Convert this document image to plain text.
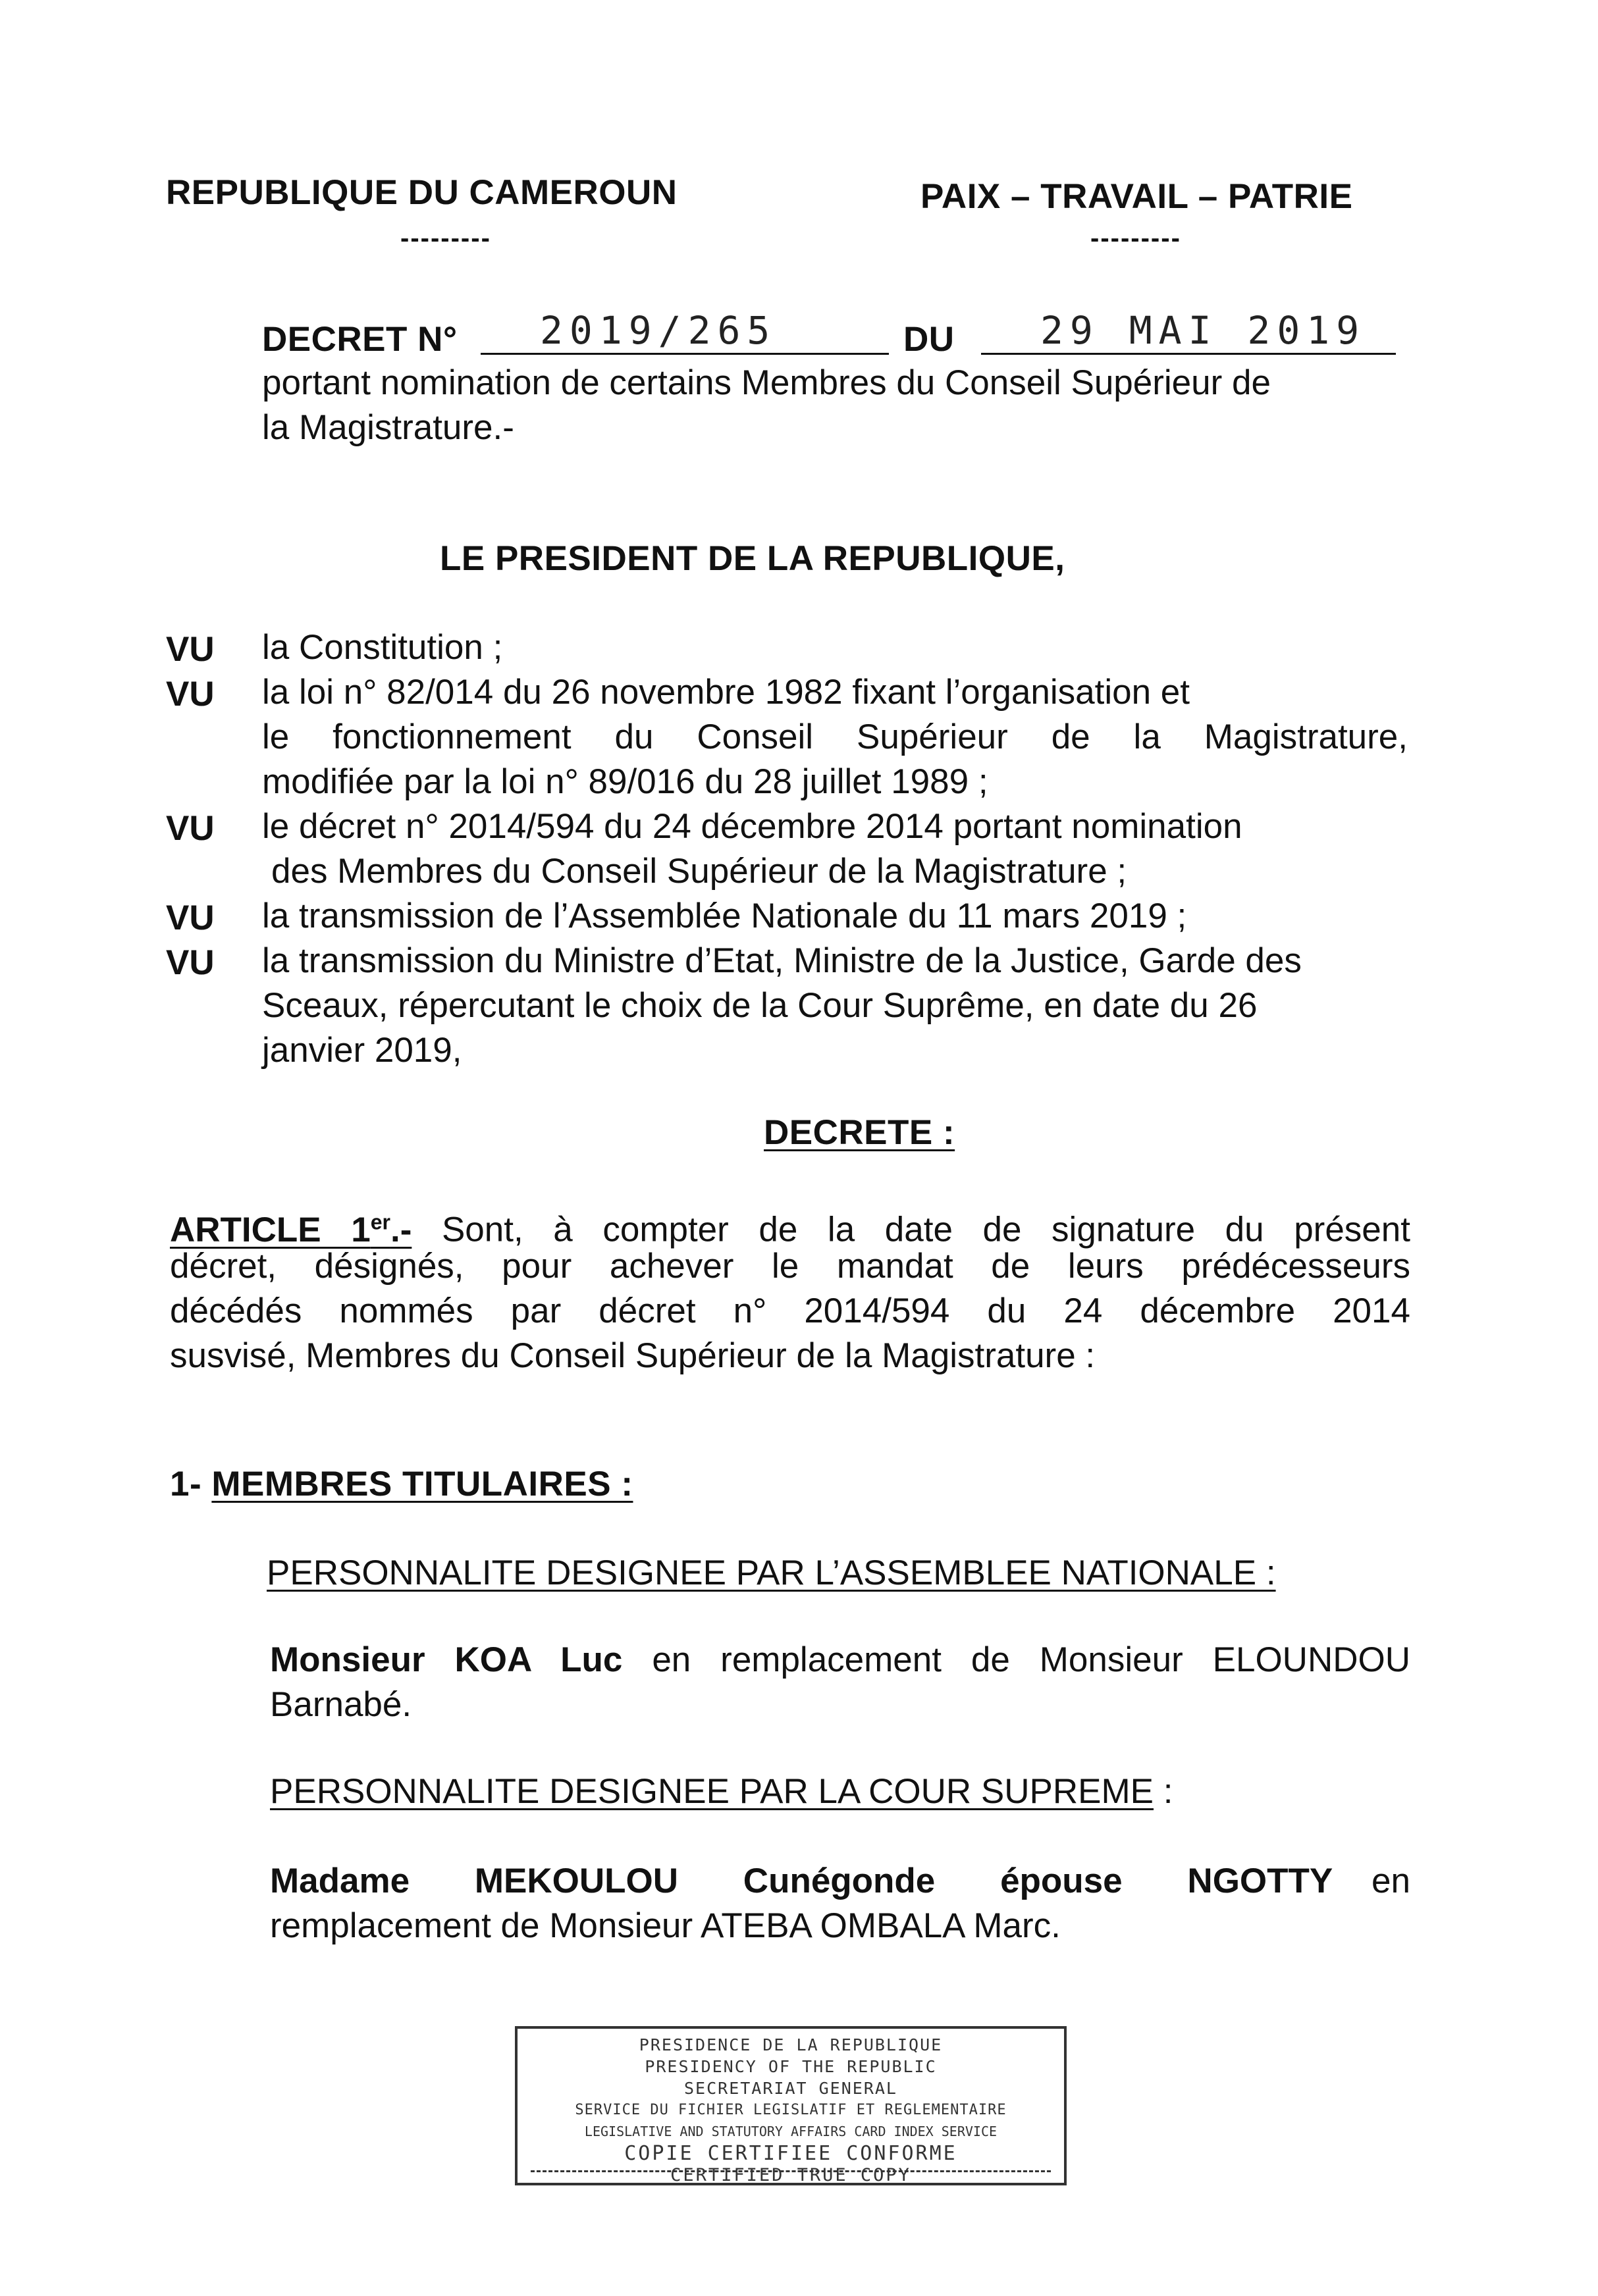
REPUBLIQUE DU CAMEROUN	PAIX – TRAVAIL – PATRIE
---------	---------
DECRET N° 2019/265	DU 29 MAI 2019
portant nomination de certains Membres du Conseil Supérieur de
la Magistrature.-
LE PRESIDENT DE LA REPUBLIQUE,
VU la Constitution ;
VU la loi n° 82/014 du 26 novembre 1982 fixant l’organisation et
le fonctionnement du Conseil Supérieur de la Magistrature,
modifiée par la loi n° 89/016 du 28 juillet 1989 ;
VU le décret n° 2014/594 du 24 décembre 2014 portant nomination
des Membres du Conseil Supérieur de la Magistrature ;
VU la transmission de l’Assemblée Nationale du 11 mars 2019 ;
VU la transmission du Ministre d’Etat, Ministre de la Justice, Garde des
Sceaux, répercutant le choix de la Cour Suprême, en date du 26
janvier 2019,
DECRETE :
ARTICLE 1er.- Sont, à compter de la date de signature du présent
décret, désignés, pour achever le mandat de leurs prédécesseurs
décédés nommés par décret n° 2014/594 du 24 décembre 2014
susvisé, Membres du Conseil Supérieur de la Magistrature :
1- MEMBRES TITULAIRES :
PERSONNALITE DESIGNEE PAR L’ASSEMBLEE NATIONALE :
Monsieur KOA Luc en remplacement de Monsieur ELOUNDOU
Barnabé.
PERSONNALITE DESIGNEE PAR LA COUR SUPREME :
Madame MEKOULOU Cunégonde épouse NGOTTY en
remplacement de Monsieur ATEBA OMBALA Marc.
PRESIDENCE DE LA REPUBLIQUE
PRESIDENCY OF THE REPUBLIC
SECRETARIAT GENERAL
SERVICE DU FICHIER LEGISLATIF ET REGLEMENTAIRE
LEGISLATIVE AND STATUTORY AFFAIRS CARD INDEX SERVICE
COPIE CERTIFIEE CONFORME
CERTIFIED TRUE COPY
